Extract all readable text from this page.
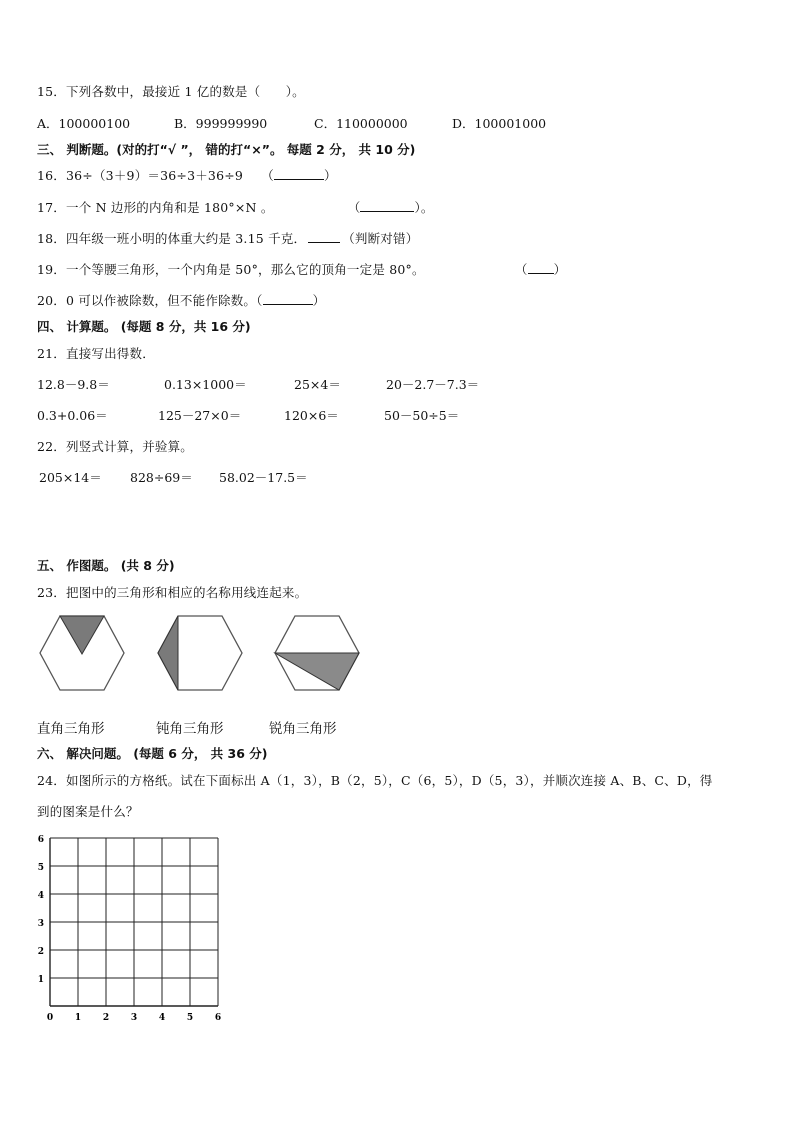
15．下列各数中，最接近 1 亿的数是（　　）。
A．100000100	B．999999990	C．110000000	D．100001000
三、 判断题。(对的打“√ ”， 错的打“×”。 每题 2 分， 共 10 分)
16．36÷（3＋9）＝36÷3＋36÷9 （	）
17．一个 N 边形的内角和是 180°×N 。	（	）。
18．四年级一班小明的体重大约是 3.15 千克．	（判断对错）
19．一个等腰三角形，一个内角是 50°，那么它的顶角一定是 80°。	（ ）
20．0 可以作被除数，但不能作除数。（	）
四、 计算题。 (每题 8 分，共 16 分)
21．直接写出得数．
12.8－9.8＝	0.13×1000＝	25×4＝	20－2.7－7.3＝
0.3+0.06＝	125－27×0＝	120×6＝	50－50÷5＝
22．列竖式计算，并验算。
205×14＝ 828÷69＝ 58.02－17.5＝
五、 作图题。 (共 8 分)
23．把图中的三角形和相应的名称用线连起来。
直角三角形	钝角三角形	锐角三角形
六、 解决问题。 (每题 6 分， 共 36 分)
24．如图所示的方格纸。试在下面标出 A（1，3），B（2，5），C（6，5），D（5，3），并顺次连接 A、B、C、D，得
到的图案是什么？
0 1 2 3 4 5 6
1
2
3
4
5
6
